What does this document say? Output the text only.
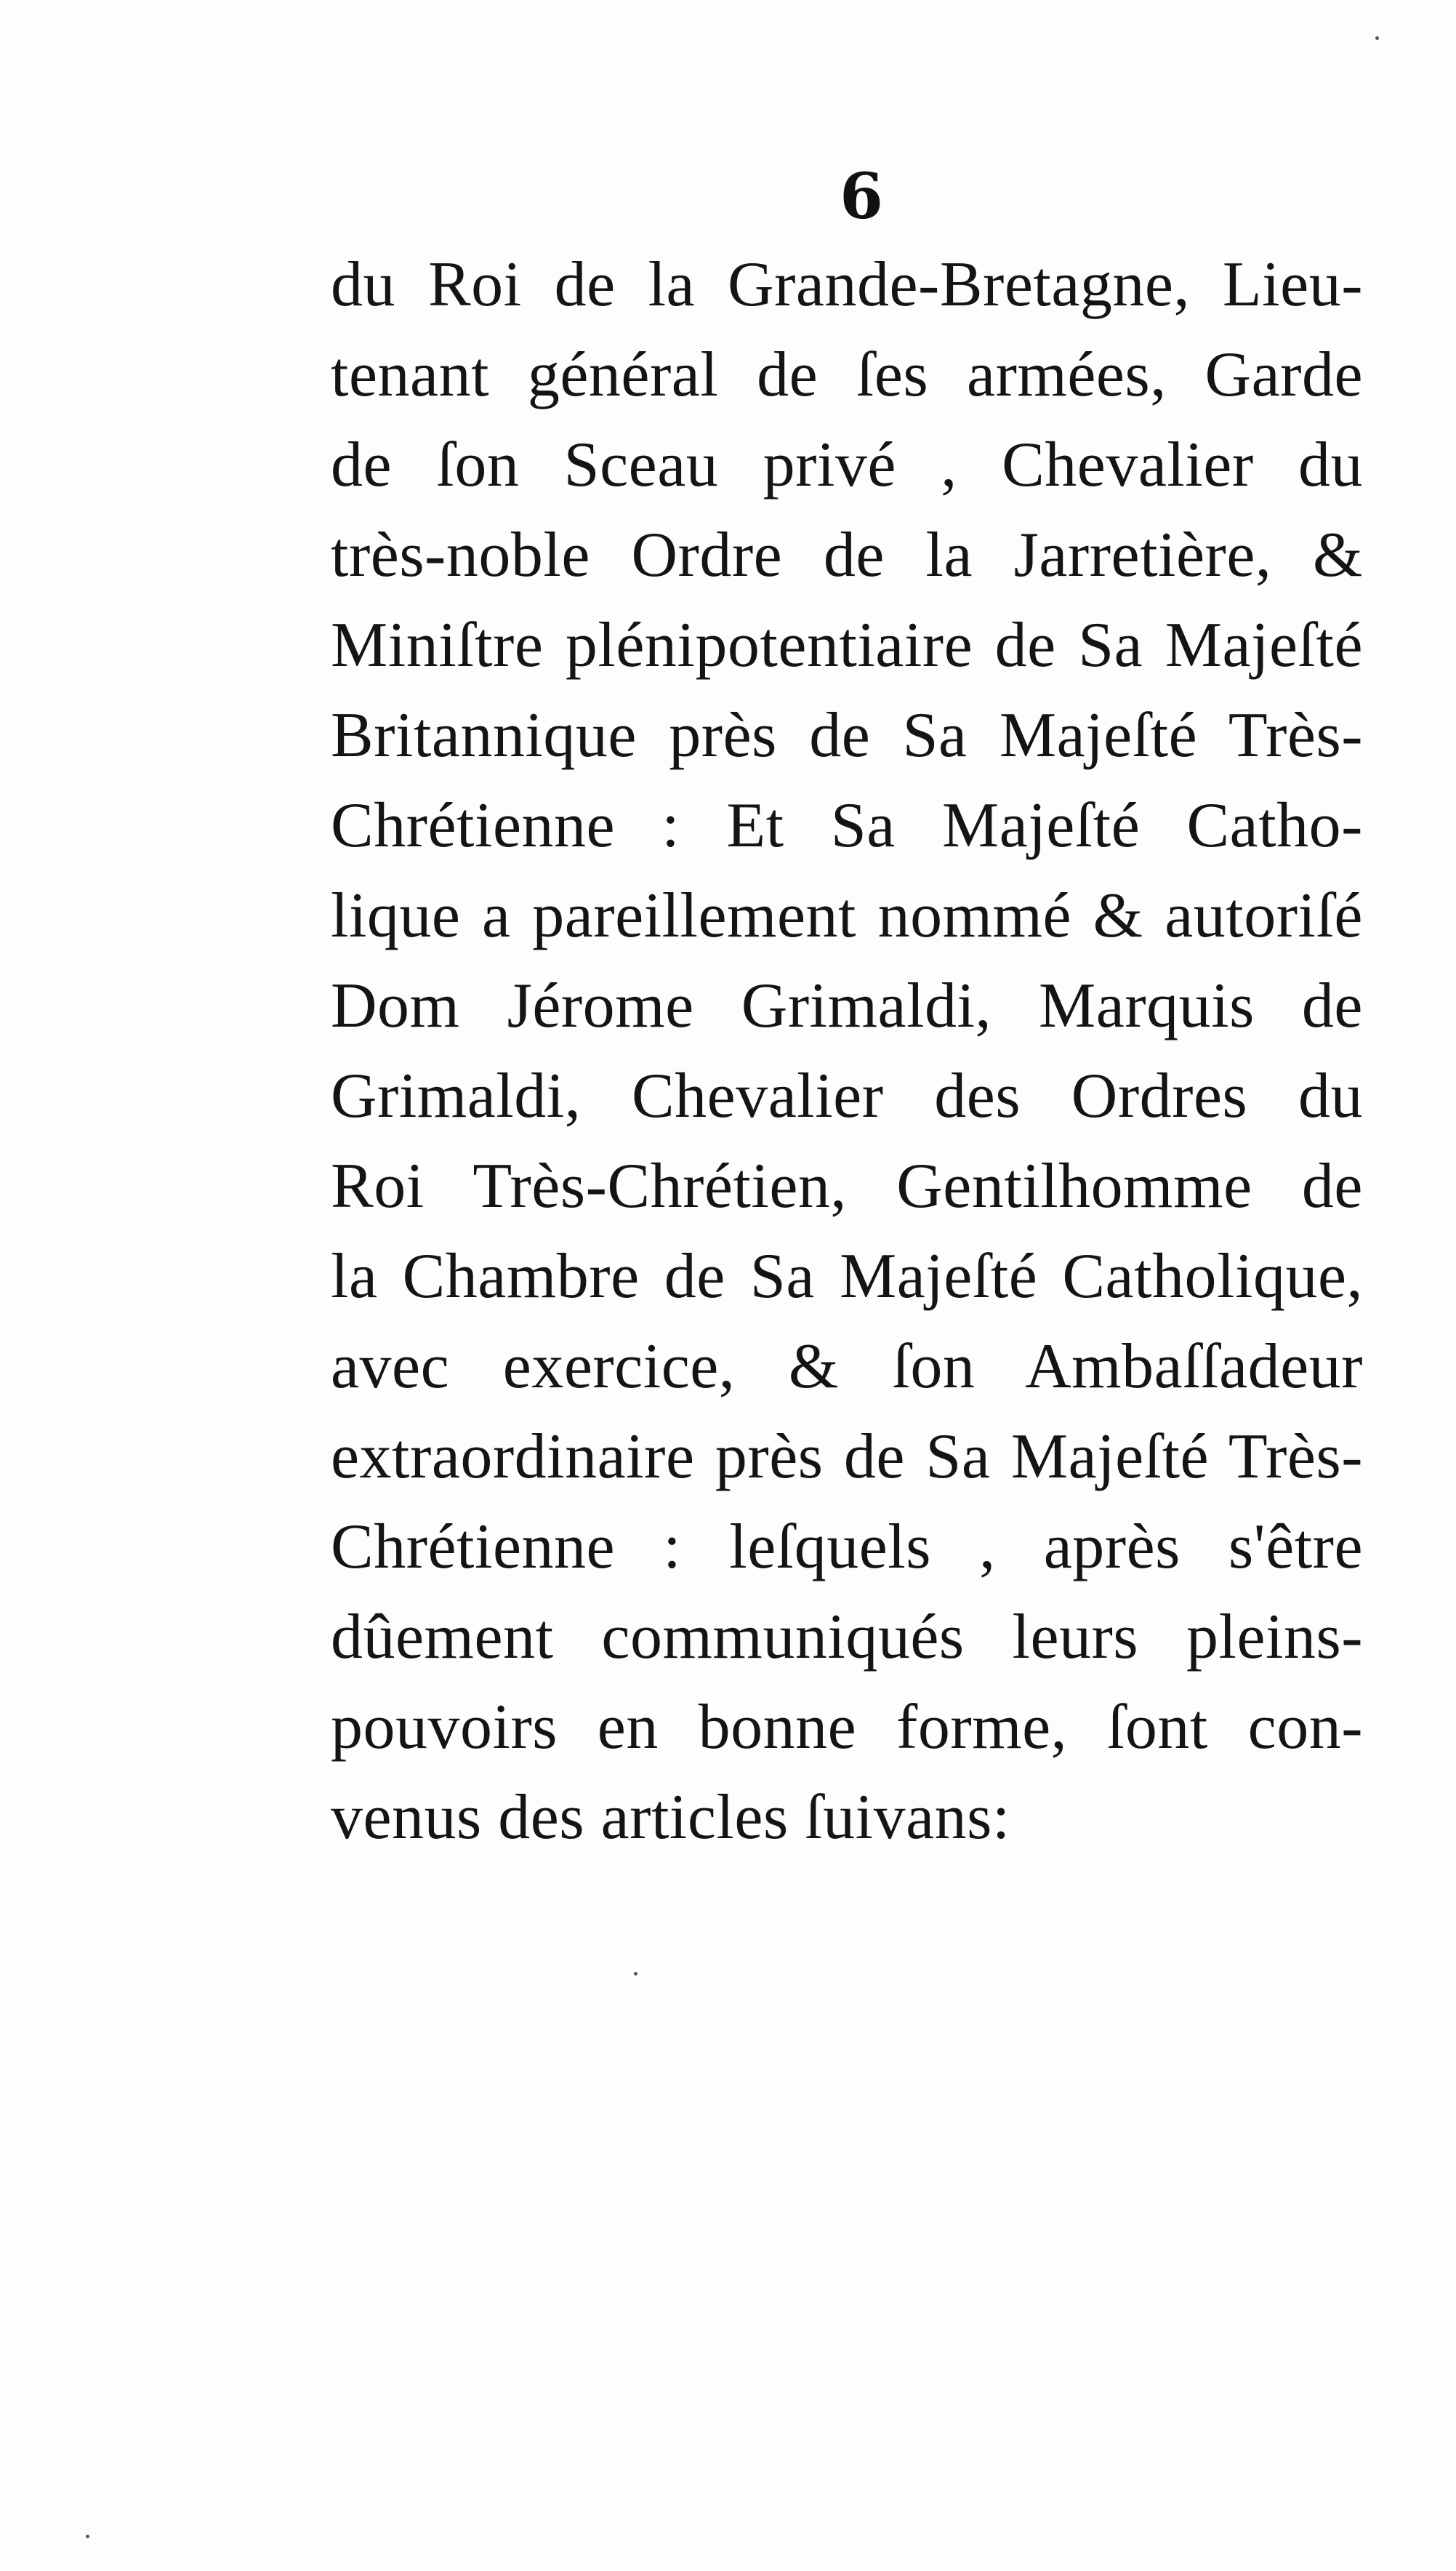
6
du Roi de la Grande-Bretagne, Lieu-
tenant général de ſes armées, Garde
de ſon Sceau privé , Chevalier du
très-noble Ordre de la Jarretière, &
Miniſtre plénipotentiaire de Sa Majeſté
Britannique près de Sa Majeſté Très-
Chrétienne : Et Sa Majeſté Catho-
lique a pareillement nommé & autoriſé
Dom Jérome Grimaldi, Marquis de
Grimaldi, Chevalier des Ordres du
Roi Très-Chrétien, Gentilhomme de
la Chambre de Sa Majeſté Catholique,
avec exercice, & ſon Ambaſſadeur
extraordinaire près de Sa Majeſté Très-
Chrétienne : leſquels , après s'être
dûement communiqués leurs pleins-
pouvoirs en bonne forme, ſont con-
venus des articles ſuivans:
